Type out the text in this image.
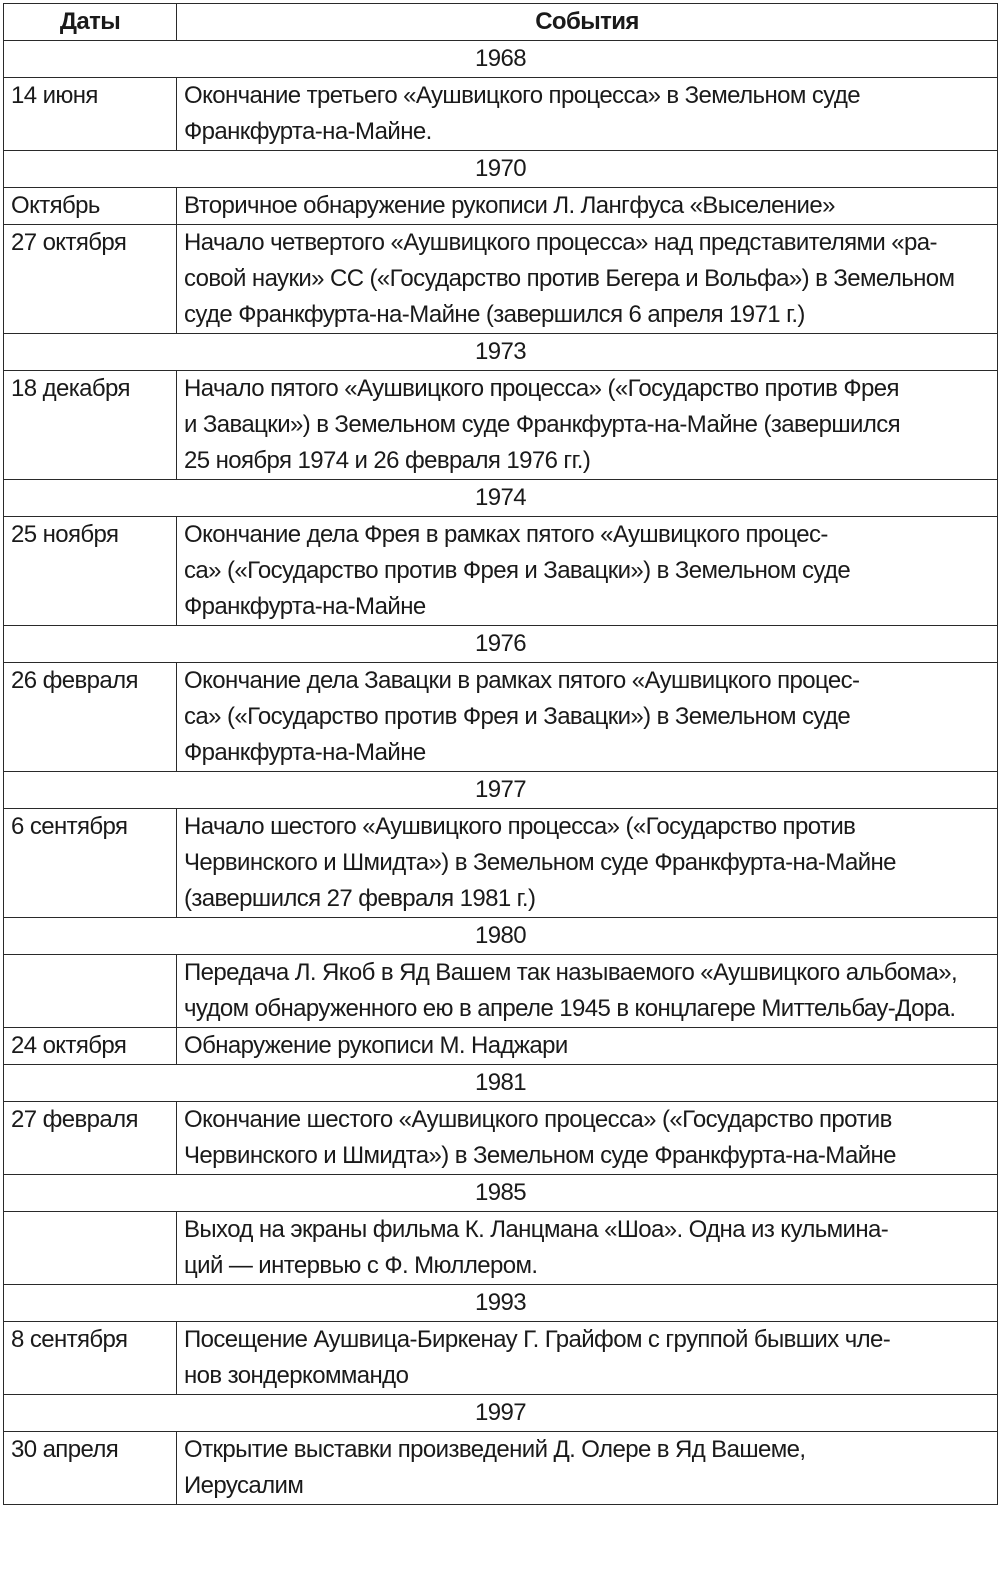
Даты	События
1968	
14 июня	Окончание третьего «Аушвицкого процесса» в Земельном суде
Франкфурта-на-Майне.
1970	
Октябрь	Вторичное обнаружение рукописи Л. Лангфуса «Выселение»
27 октября	Начало четвертого «Аушвицкого процесса» над представителями «ра-
совой науки» СС («Государство против Бегера и Вольфа») в Земельном
суде Франкфурта-на-Майне (завершился 6 апреля 1971 г.)
1973	
18 декабря	Начало пятого «Аушвицкого процесса» («Государство против Фрея
и Завацки») в Земельном суде Франкфурта-на-Майне (завершился
25 ноября 1974 и 26 февраля 1976 гг.)
1974	
25 ноября	Окончание дела Фрея в рамках пятого «Аушвицкого процес-
са» («Государство против Фрея и Завацки») в Земельном суде
Франкфурта-на-Майне
1976	
26 февраля	Окончание дела Завацки в рамках пятого «Аушвицкого процес-
са» («Государство против Фрея и Завацки») в Земельном суде
Франкфурта-на-Майне
1977	
6 сентября	Начало шестого «Аушвицкого процесса» («Государство против
Червинского и Шмидта») в Земельном суде Франкфурта-на-Майне
(завершился 27 февраля 1981 г.)
1980	
	Передача Л. Якоб в Яд Вашем так называемого «Аушвицкого альбома»,
чудом обнаруженного ею в апреле 1945 в концлагере Миттельбау-Дора.
24 октября	Обнаружение рукописи М. Наджари
1981	
27 февраля	Окончание шестого «Аушвицкого процесса» («Государство против
Червинского и Шмидта») в Земельном суде Франкфурта-на-Майне
1985	
	Выход на экраны фильма К. Ланцмана «Шоа». Одна из кульмина-
ций — интервью с Ф. Мюллером.
1993	
8 сентября	Посещение Аушвица-Биркенау Г. Грайфом с группой бывших чле-
нов зондеркоммандо
1997	
30 апреля	Открытие выставки произведений Д. Олере в Яд Вашеме,
Иерусалим
